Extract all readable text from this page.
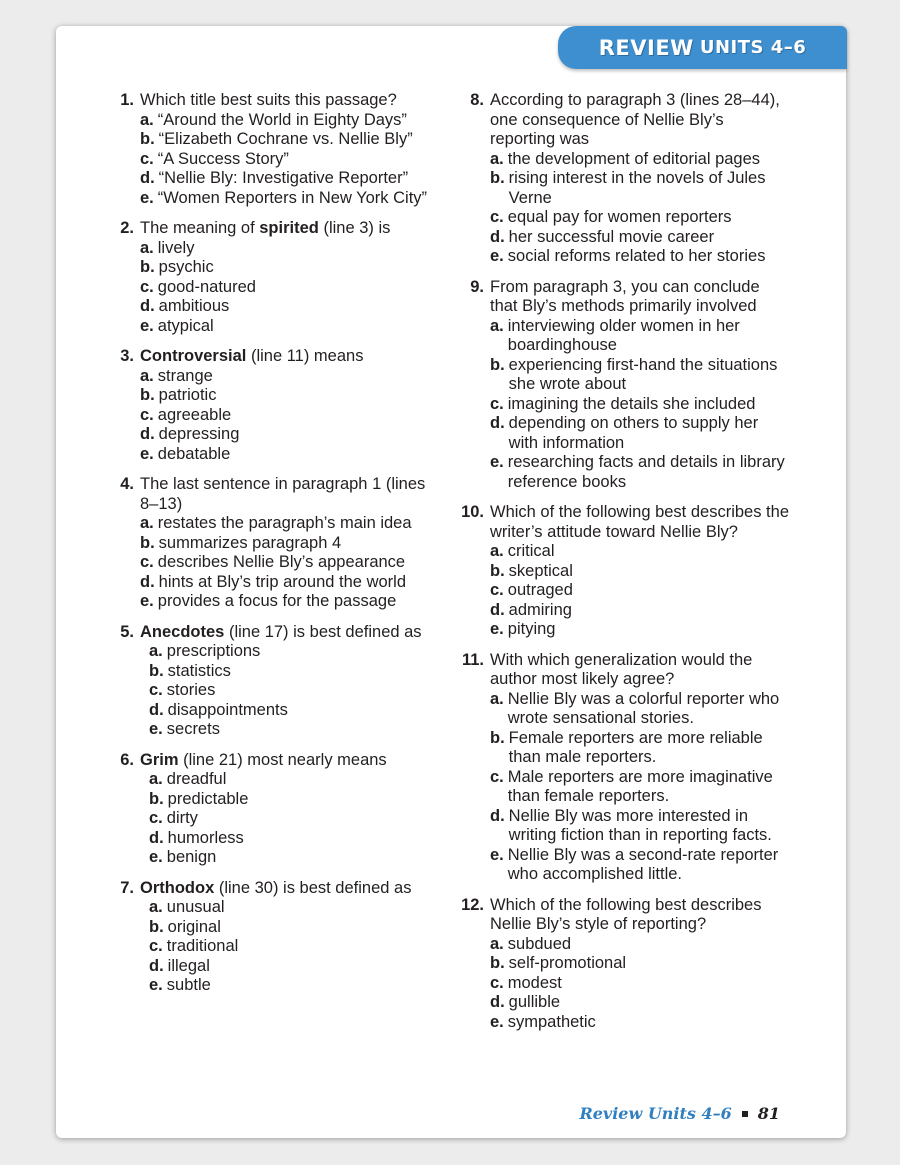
REVIEW UNITS 4–6
1. Which title best suits this passage?
a. “Around the World in Eighty Days”
b. “Elizabeth Cochrane vs. Nellie Bly”
c. “A Success Story”
d. “Nellie Bly: Investigative Reporter”
e. “Women Reporters in New York City”
2. The meaning of spirited (line 3) is
a. lively
b. psychic
c. good-natured
d. ambitious
e. atypical
3. Controversial (line 11) means
a. strange
b. patriotic
c. agreeable
d. depressing
e. debatable
4. The last sentence in paragraph 1 (lines 8–13)
a. restates the paragraph’s main idea
b. summarizes paragraph 4
c. describes Nellie Bly’s appearance
d. hints at Bly’s trip around the world
e. provides a focus for the passage
5. Anecdotes (line 17) is best defined as
a. prescriptions
b. statistics
c. stories
d. disappointments
e. secrets
6. Grim (line 21) most nearly means
a. dreadful
b. predictable
c. dirty
d. humorless
e. benign
7. Orthodox (line 30) is best defined as
a. unusual
b. original
c. traditional
d. illegal
e. subtle
8. According to paragraph 3 (lines 28–44), one consequence of Nellie Bly’s reporting was
a. the development of editorial pages
b. rising interest in the novels of Jules Verne
c. equal pay for women reporters
d. her successful movie career
e. social reforms related to her stories
9. From paragraph 3, you can conclude that Bly’s methods primarily involved
a. interviewing older women in her boardinghouse
b. experiencing first-hand the situations she wrote about
c. imagining the details she included
d. depending on others to supply her with information
e. researching facts and details in library reference books
10. Which of the following best describes the writer’s attitude toward Nellie Bly?
a. critical
b. skeptical
c. outraged
d. admiring
e. pitying
11. With which generalization would the author most likely agree?
a. Nellie Bly was a colorful reporter who wrote sensational stories.
b. Female reporters are more reliable than male reporters.
c. Male reporters are more imaginative than female reporters.
d. Nellie Bly was more interested in writing fiction than in reporting facts.
e. Nellie Bly was a second-rate reporter who accomplished little.
12. Which of the following best describes Nellie Bly’s style of reporting?
a. subdued
b. self-promotional
c. modest
d. gullible
e. sympathetic
Review Units 4–6 81
